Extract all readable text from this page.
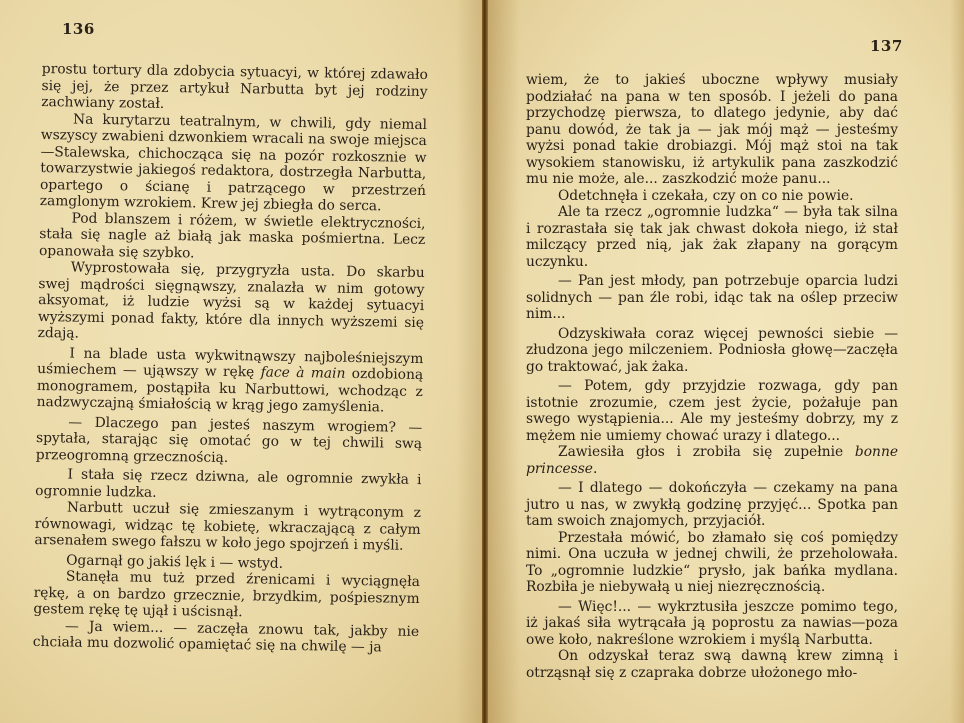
136

prostu tortury dla zdobycia sytuacyi, w której zdawało się jej, że przez artykuł Narbutta byt jej rodziny zachwiany został.

Na kurytarzu teatralnym, w chwili, gdy niemal wszyscy zwabieni dzwonkiem wracali na swoje miejsca—Stalewska, chichocząca się na pozór rozkosznie w towarzystwie jakiegoś redaktora, dostrzegła Narbutta, opartego o ścianę i patrzącego w przestrzeń zamglonym wzrokiem. Krew jej zbiegła do serca.

Pod blanszem i różem, w świetle elektryczności, stała się nagle aż białą jak maska pośmiertna. Lecz opanowała się szybko.

Wyprostowała się, przygryzła usta. Do skarbu swej mądrości sięgnąwszy, znalazła w nim gotowy aksyomat, iż ludzie wyżsi są w każdej sytuacyi wyższymi ponad fakty, które dla innych wyższemi się zdają.

I na blade usta wykwitnąwszy najboleśniejszym uśmiechem — ująwszy w rękę face à main ozdobioną monogramem, postąpiła ku Narbuttowi, wchodząc z nadzwyczajną śmiałością w krąg jego zamyślenia.

— Dlaczego pan jesteś naszym wrogiem? — spytała, starając się omotać go w tej chwili swą przeogromną grzecznością.

I stała się rzecz dziwna, ale ogromnie zwykła i ogromnie ludzka.

Narbutt uczuł się zmieszanym i wytrąconym z równowagi, widząc tę kobietę, wkraczającą z całym arsenałem swego fałszu w koło jego spojrzeń i myśli.

Ogarnął go jakiś lęk i — wstyd.

Stanęła mu tuż przed źrenicami i wyciągnęła rękę, a on bardzo grzecznie, brzydkim, pośpiesznym gestem rękę tę ujął i uścisnął.

— Ja wiem... — zaczęła znowu tak, jakby nie chciała mu dozwolić opamiętać się na chwilę — ja

137

wiem, że to jakieś uboczne wpływy musiały podziałać na pana w ten sposób. I jeżeli do pana przychodzę pierwsza, to dlatego jedynie, aby dać panu dowód, że tak ja — jak mój mąż — jesteśmy wyżsi ponad takie drobiazgi. Mój mąż stoi na tak wysokiem stanowisku, iż artykulik pana zaszkodzić mu nie może, ale... zaszkodzić może panu...

Odetchnęła i czekała, czy on co nie powie.

Ale ta rzecz „ogromnie ludzka“ — była tak silna i rozrastała się tak jak chwast dokoła niego, iż stał milczący przed nią, jak żak złapany na gorącym uczynku.

— Pan jest młody, pan potrzebuje oparcia ludzi solidnych — pan źle robi, idąc tak na oślep przeciw nim...

Odzyskiwała coraz więcej pewności siebie — złudzona jego milczeniem. Podniosła głowę—zaczęła go traktować, jak żaka.

— Potem, gdy przyjdzie rozwaga, gdy pan istotnie zrozumie, czem jest życie, pożałuje pan swego wystąpienia... Ale my jesteśmy dobrzy, my z mężem nie umiemy chować urazy i dlatego...

Zawiesiła głos i zrobiła się zupełnie bonne princesse.

— I dlatego — dokończyła — czekamy na pana jutro u nas, w zwykłą godzinę przyjęć... Spotka pan tam swoich znajomych, przyjaciół.

Przestała mówić, bo złamało się coś pomiędzy nimi. Ona uczuła w jednej chwili, że przeholowała. To „ogromnie ludzkie“ prysło, jak bańka mydlana. Rozbiła je niebywałą u niej niezręcznością.

— Więc!... — wykrztusiła jeszcze pomimo tego, iż jakaś siła wytrącała ją poprostu za nawias—poza owe koło, nakreślone wzrokiem i myślą Narbutta.

On odzyskał teraz swą dawną krew zimną i otrząsnął się z czapraka dobrze ułożonego mło-
